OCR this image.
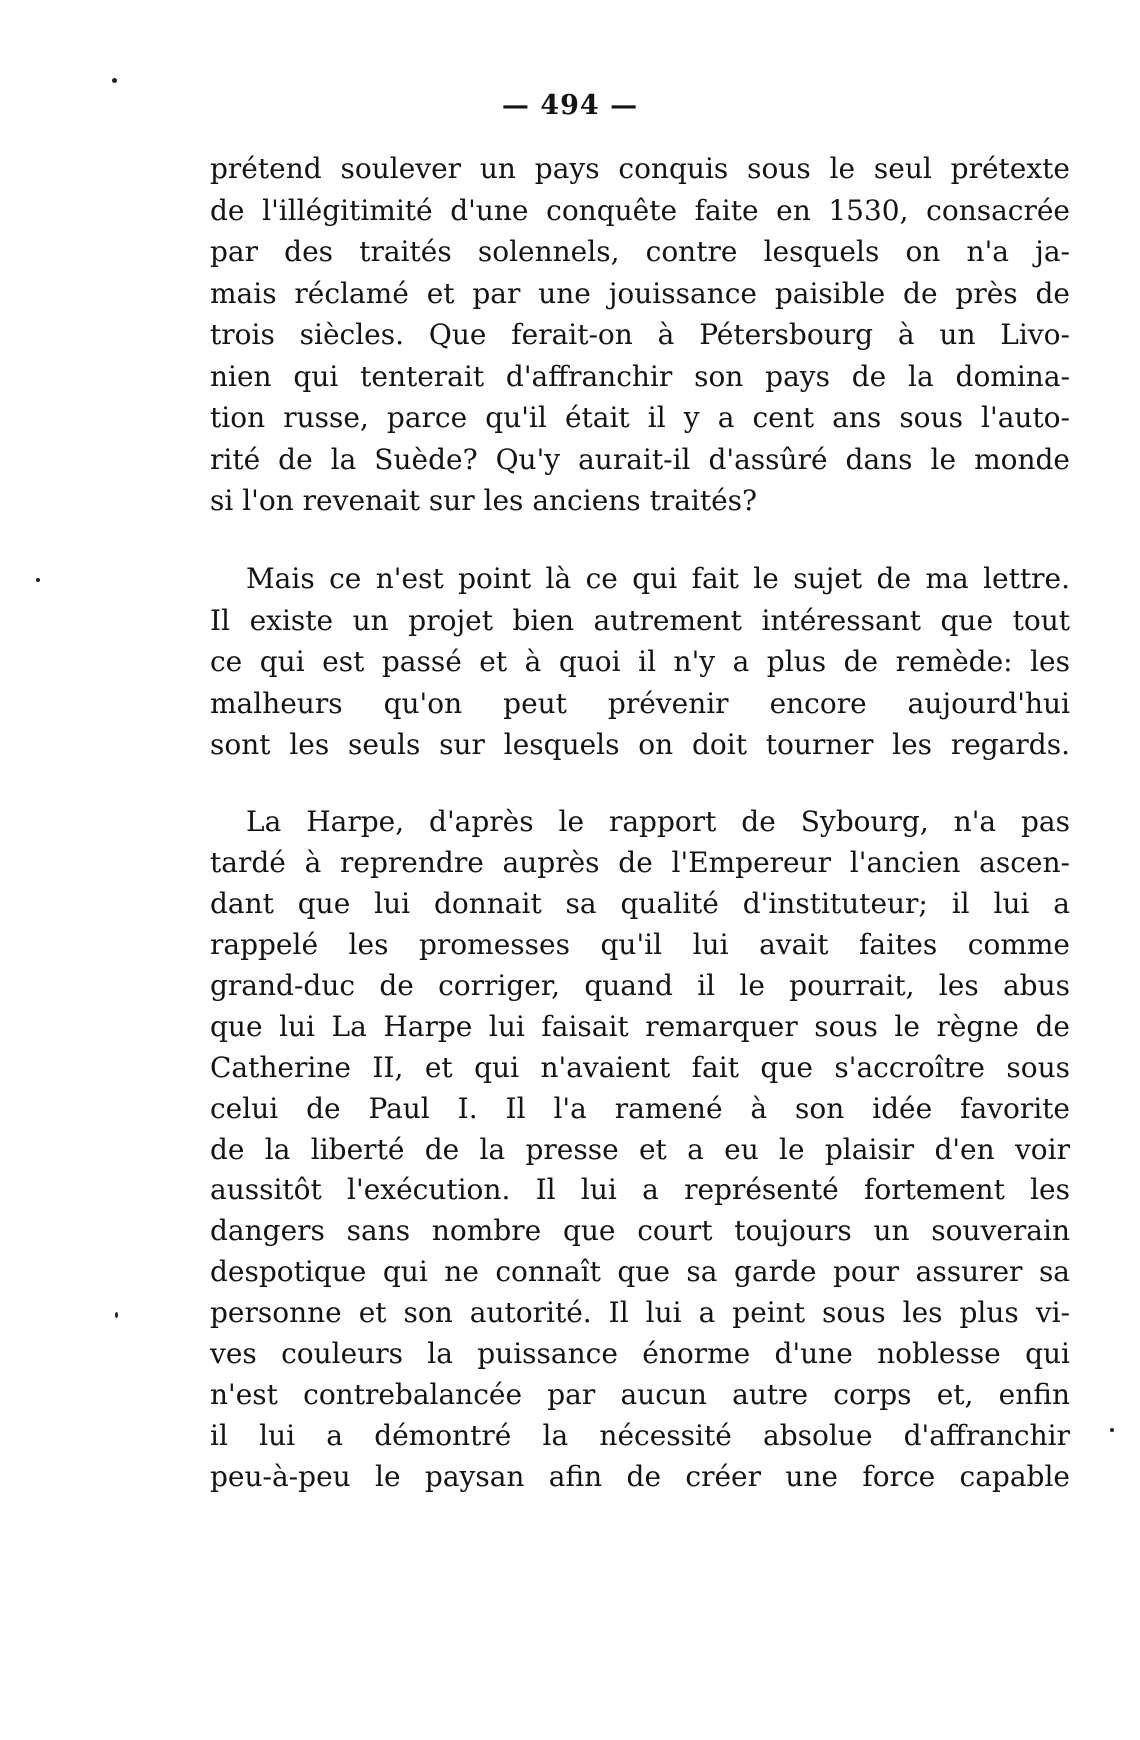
— 494 —
prétend soulever un pays conquis sous le seul prétexte
de l'illégitimité d'une conquête faite en 1530, consacrée
par des traités solennels, contre lesquels on n'a ja-
mais réclamé et par une jouissance paisible de près de
trois siècles. Que ferait-on à Pétersbourg à un Livo-
nien qui tenterait d'affranchir son pays de la domina-
tion russe, parce qu'il était il y a cent ans sous l'auto-
rité de la Suède? Qu'y aurait-il d'assûré dans le monde
si l'on revenait sur les anciens traités?
Mais ce n'est point là ce qui fait le sujet de ma lettre.
Il existe un projet bien autrement intéressant que tout
ce qui est passé et à quoi il n'y a plus de remède: les
malheurs qu'on peut prévenir encore aujourd'hui
sont les seuls sur lesquels on doit tourner les regards.
La Harpe, d'après le rapport de Sybourg, n'a pas
tardé à reprendre auprès de l'Empereur l'ancien ascen-
dant que lui donnait sa qualité d'instituteur; il lui a
rappelé les promesses qu'il lui avait faites comme
grand-duc de corriger, quand il le pourrait, les abus
que lui La Harpe lui faisait remarquer sous le règne de
Catherine II, et qui n'avaient fait que s'accroître sous
celui de Paul I. Il l'a ramené à son idée favorite
de la liberté de la presse et a eu le plaisir d'en voir
aussitôt l'exécution. Il lui a représenté fortement les
dangers sans nombre que court toujours un souverain
despotique qui ne connaît que sa garde pour assurer sa
personne et son autorité. Il lui a peint sous les plus vi-
ves couleurs la puissance énorme d'une noblesse qui
n'est contrebalancée par aucun autre corps et, enfin
il lui a démontré la nécessité absolue d'affranchir
peu-à-peu le paysan afin de créer une force capable
